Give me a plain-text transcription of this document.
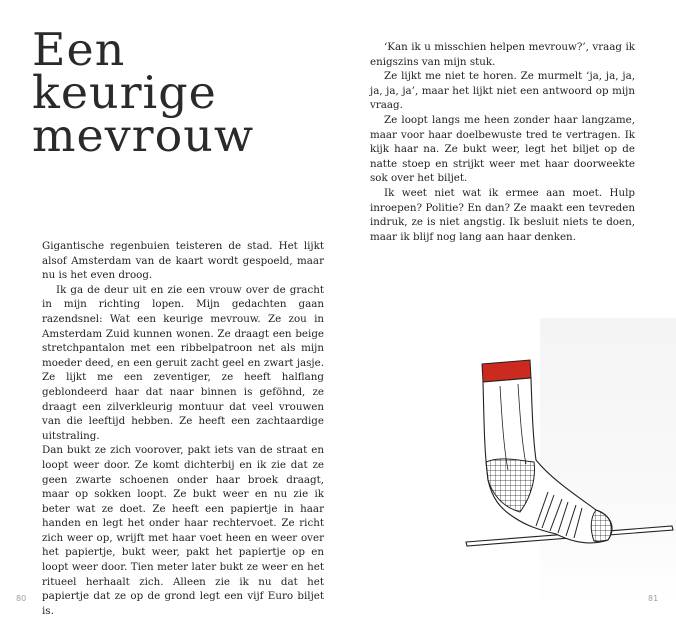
Een
keurige
mevrouw

Gigantische regenbuien teisteren de stad. Het lijkt alsof Amsterdam van de kaart wordt gespoeld, maar nu is het even droog.

Ik ga de deur uit en zie een vrouw over de gracht in mijn richting lopen. Mijn gedachten gaan razendsnel: Wat een keurige mevrouw. Ze zou in Amsterdam Zuid kunnen wonen. Ze draagt een beige stretchpantalon met een ribbelpatroon net als mijn moeder deed, en een geruit zacht geel en zwart jasje. Ze lijkt me een zeventiger, ze heeft halflang geblondeerd haar dat naar binnen is geföhnd, ze draagt een zilverkleurig montuur dat veel vrouwen van die leeftijd hebben. Ze heeft een zachtaardige uitstraling.

Dan bukt ze zich voorover, pakt iets van de straat en loopt weer door. Ze komt dichterbij en ik zie dat ze geen zwarte schoenen onder haar broek draagt, maar op sokken loopt. Ze bukt weer en nu zie ik beter wat ze doet. Ze heeft een papiertje in haar handen en legt het onder haar rechtervoet. Ze richt zich weer op, wrijft met haar voet heen en weer over het papiertje, bukt weer, pakt het papiertje op en loopt weer door. Tien meter later bukt ze weer en het ritueel herhaalt zich. Alleen zie ik nu dat het papiertje dat ze op de grond legt een vijf Euro biljet is.

‘Kan ik u misschien helpen mevrouw?’, vraag ik enigszins van mijn stuk.

Ze lijkt me niet te horen. Ze murmelt ‘ja, ja, ja, ja, ja, ja’, maar het lijkt niet een antwoord op mijn vraag.

Ze loopt langs me heen zonder haar langzame, maar voor haar doelbewuste tred te vertragen. Ik kijk haar na. Ze bukt weer, legt het biljet op de natte stoep en strijkt weer met haar doorweekte sok over het biljet.

Ik weet niet wat ik ermee aan moet. Hulp inroepen? Politie? En dan? Ze maakt een tevreden indruk, ze is niet angstig. Ik besluit niets te doen, maar ik blijf nog lang aan haar denken.

80	81
